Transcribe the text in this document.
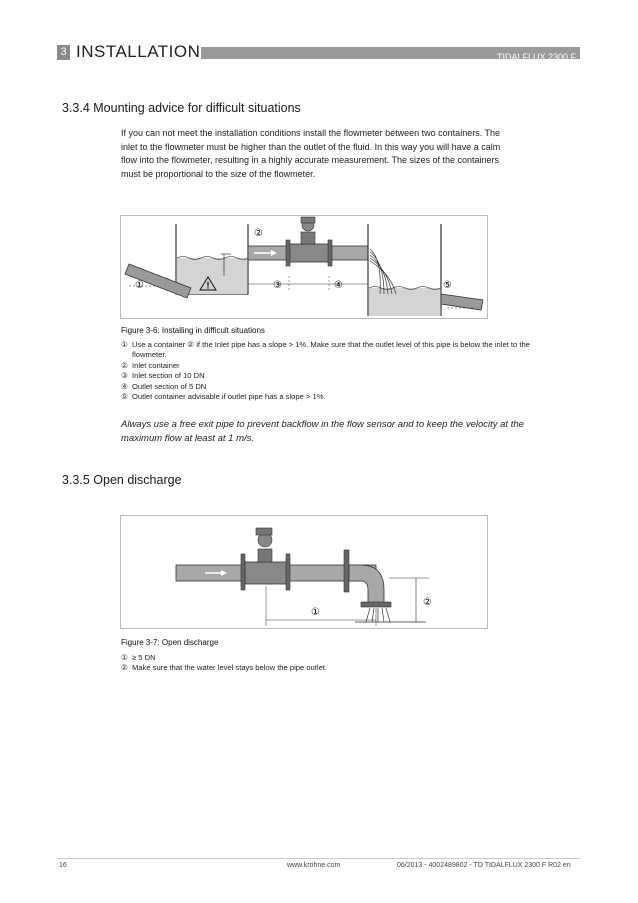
3 INSTALLATION	TIDALFLUX 2300 F
3.3.4 Mounting advice for difficult situations
If you can not meet the installation conditions install the flowmeter between two containers. The
inlet to the flowmeter must be higher than the outlet of the fluid. In this way you will have a calm
flow into the flowmeter, resulting in a highly accurate measurement. The sizes of the containers
must be proportional to the size of the flowmeter.
!
①
②
③	④	⑤
Figure 3-6: Installing in difficult situations
① Use a container ② if the Inlet pipe has a slope > 1%. Make sure that the outlet level of this pipe is below the inlet to the
flowmeter.
② Inlet container
③ Inlet section of 10 DN
④ Outlet section of 5 DN
⑤ Outlet container advisable if outlet pipe has a slope > 1%.
Always use a free exit pipe to prevent backflow in the flow sensor and to keep the velocity at the
maximum flow at least at 1 m/s.
3.3.5 Open discharge
①
②
Figure 3-7: Open discharge
① ≥ 5 DN
② Make sure that the water level stays below the pipe outlet.
16	www.krohne.com	06/2013 - 4002489802 - TD TIDALFLUX 2300 F R02 en
